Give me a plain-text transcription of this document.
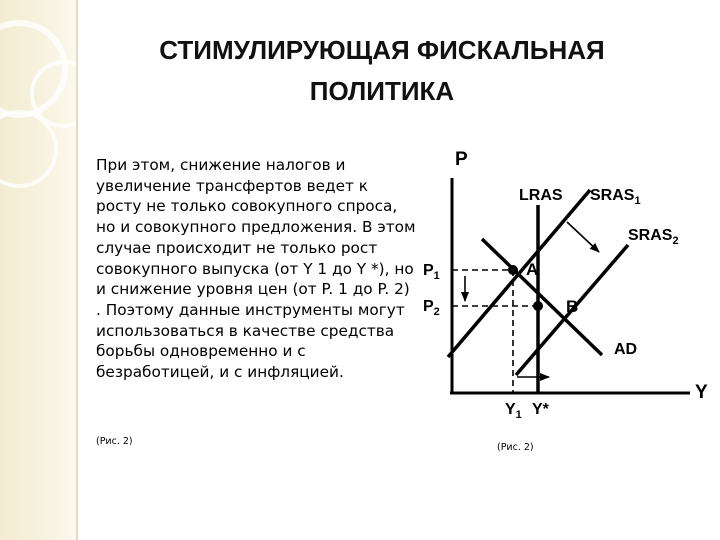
СТИМУЛИРУЮЩАЯ ФИСКАЛЬНАЯ
ПОЛИТИКА

При этом, снижение налогов и увеличение трансфертов ведет к росту не только совокупного спроса, но и совокупного предложения. В этом случае происходит не только рост совокупного выпуска (от Y 1 до Y *), но и снижение уровня цен (от P. 1 до P. 2) . Поэтому данные инструменты могут использоваться в качестве средства борьбы одновременно и с безработицей, и с инфляцией.

(Рис. 2)
(Рис. 2)
P
Y
LRAS $SRAS_1$
$SRAS_2$
AD
$P_1$
$P_2$
$Y_1$ Y*
A
B
